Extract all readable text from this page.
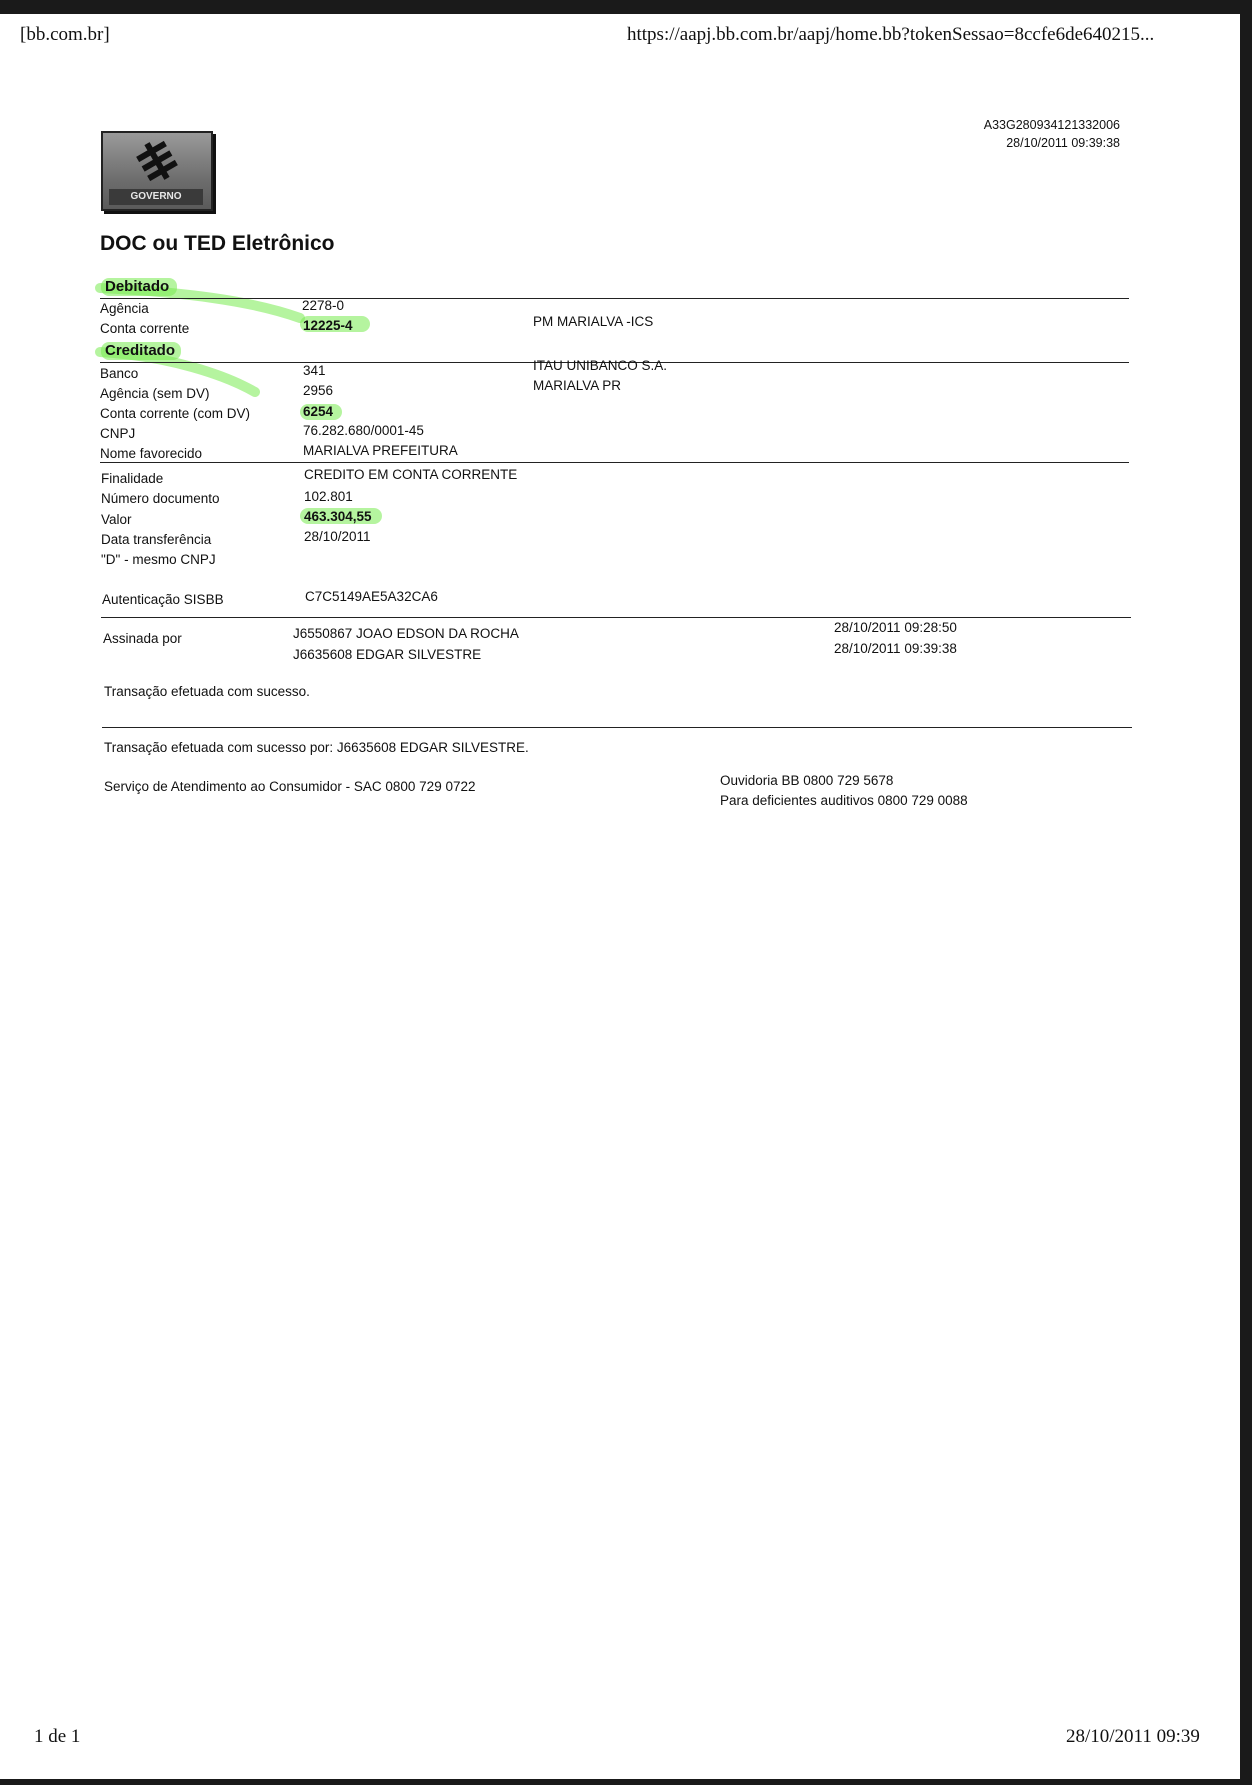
[bb.com.br]	https://aapj.bb.com.br/aapj/home.bb?tokenSessao=8ccfe6de640215...
GOVERNO
A33G280934121332006
28/10/2011 09:39:38
DOC ou TED Eletrônico
Debitado
Agência	2278-0
Conta corrente	12225-4	PM MARIALVA -ICS
Creditado
Banco	341	ITAU UNIBANCO S.A.
Agência (sem DV)	2956	MARIALVA PR
Conta corrente (com DV)	6254
CNPJ	76.282.680/0001-45
Nome favorecido	MARIALVA PREFEITURA
Finalidade	CREDITO EM CONTA CORRENTE
Número documento	102.801
Valor	463.304,55
Data transferência	28/10/2011
"D" - mesmo CNPJ
Autenticação SISBB	C7C5149AE5A32CA6
Assinada por	J6550867 JOAO EDSON DA ROCHA	28/10/2011 09:28:50
J6635608 EDGAR SILVESTRE	28/10/2011 09:39:38
Transação efetuada com sucesso.
Transação efetuada com sucesso por: J6635608 EDGAR SILVESTRE.
Serviço de Atendimento ao Consumidor - SAC 0800 729 0722	Ouvidoria BB 0800 729 5678
Para deficientes auditivos 0800 729 0088
1 de 1	28/10/2011 09:39
